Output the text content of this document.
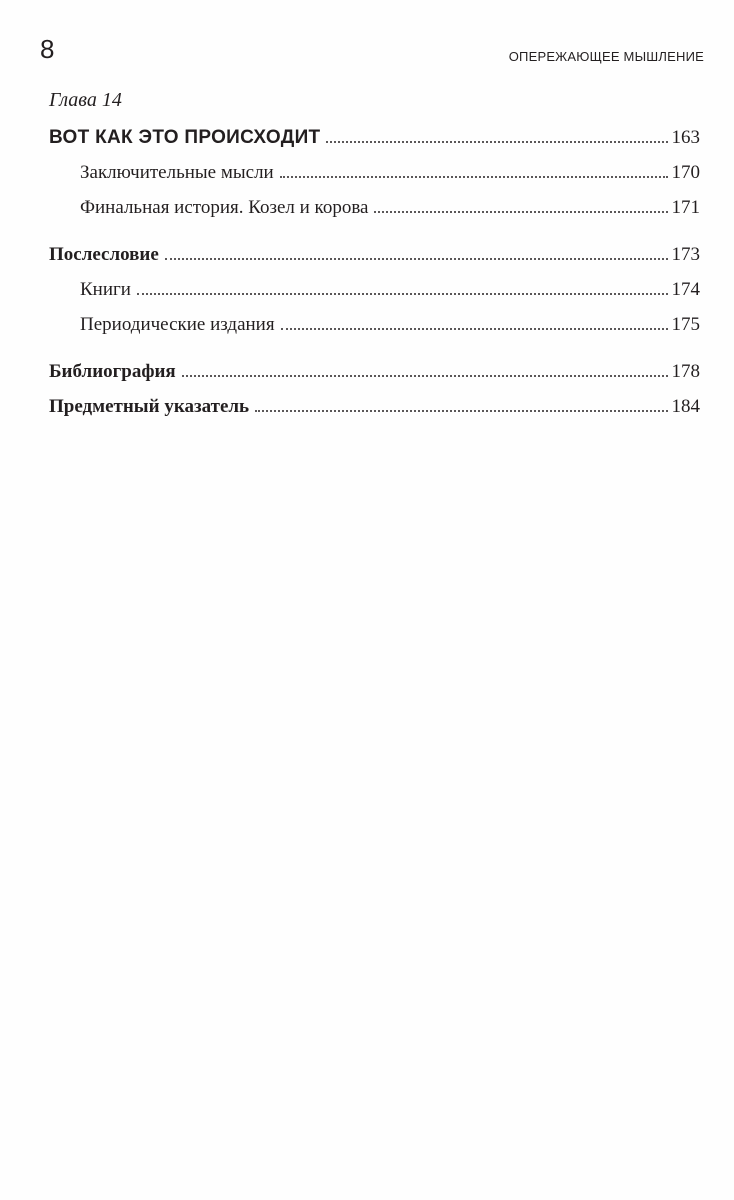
8	ОПЕРЕЖАЮЩЕЕ МЫШЛЕНИЕ
Глава 14
ВОТ КАК ЭТО ПРОИСХОДИТ	163
Заключительные мысли	170
Финальная история. Козел и корова	171
Послесловие	173
Книги	174
Периодические издания	175
Библиография	178
Предметный указатель	184
